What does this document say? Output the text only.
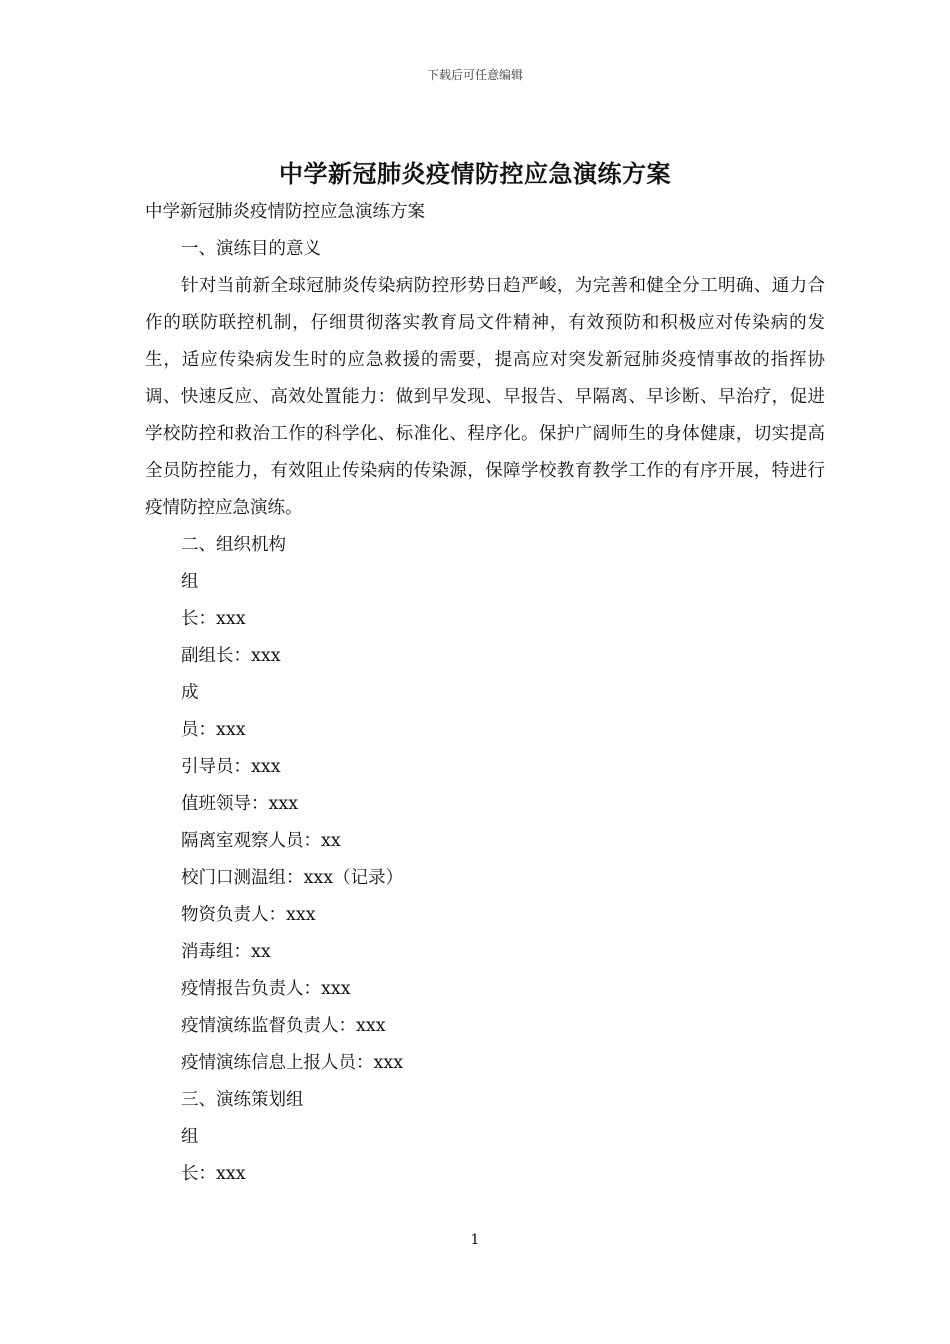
下载后可任意编辑
中学新冠肺炎疫情防控应急演练方案
中学新冠肺炎疫情防控应急演练方案
一、演练目的意义

针对当前新全球冠肺炎传染病防控形势日趋严峻，为完善和健全分工明确、通力合作的联防联控机制，仔细贯彻落实教育局文件精神，有效预防和积极应对传染病的发生，适应传染病发生时的应急救援的需要，提高应对突发新冠肺炎疫情事故的指挥协调、快速反应、高效处置能力：做到早发现、早报告、早隔离、早诊断、早治疗，促进学校防控和救治工作的科学化、标准化、程序化。保护广阔师生的身体健康，切实提高全员防控能力，有效阻止传染病的传染源，保障学校教育教学工作的有序开展，特进行疫情防控应急演练。

二、组织机构
组
长：xxx
副组长：xxx
成
员：xxx
引导员：xxx
值班领导：xxx
隔离室观察人员：xx
校门口测温组：xxx（记录）
物资负责人：xxx
消毒组：xx
疫情报告负责人：xxx
疫情演练监督负责人：xxx
疫情演练信息上报人员：xxx
三、演练策划组
组
长：xxx
1
